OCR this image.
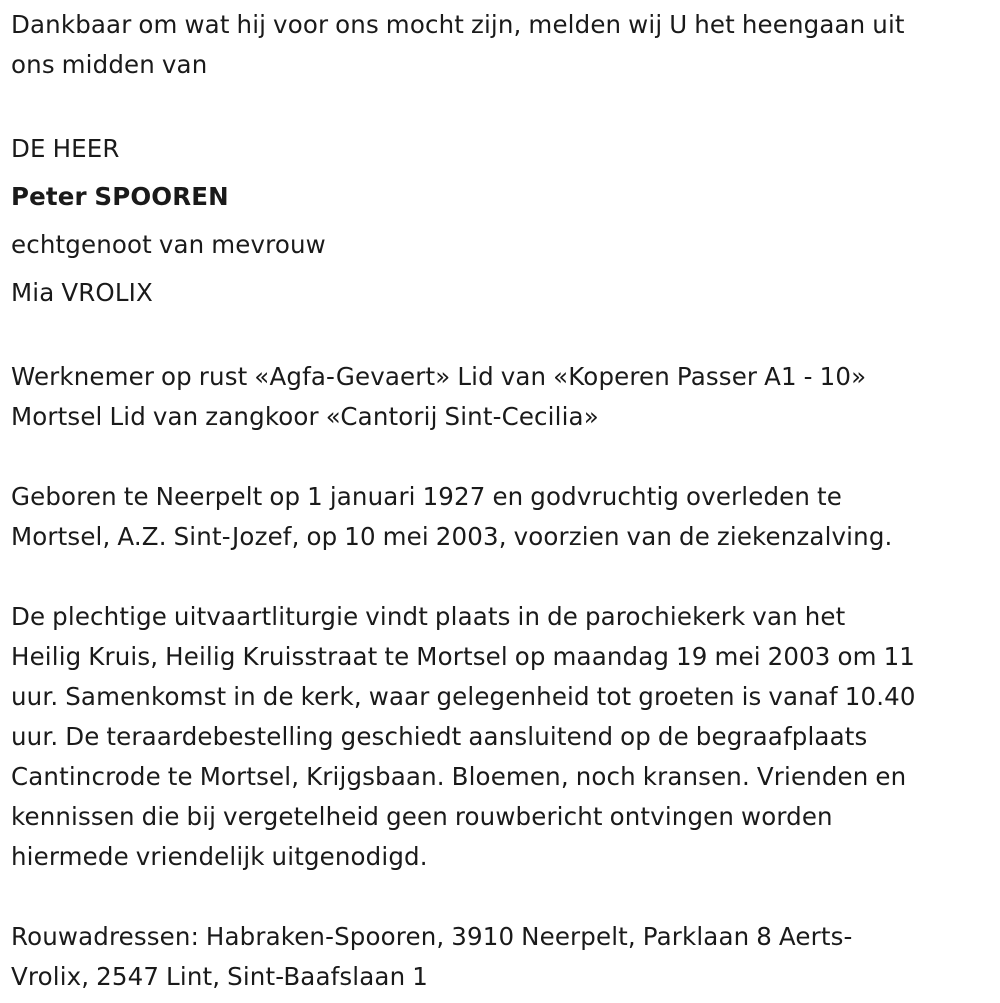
Dankbaar om wat hij voor ons mocht zijn, melden wij U het heengaan uit
ons midden van
DE HEER
Peter SPOOREN
echtgenoot van mevrouw
Mia VROLIX
Werknemer op rust «Agfa-Gevaert» Lid van «Koperen Passer A1 - 10»
Mortsel Lid van zangkoor «Cantorij Sint-Cecilia»
Geboren te Neerpelt op 1 januari 1927 en godvruchtig overleden te
Mortsel, A.Z. Sint-Jozef, op 10 mei 2003, voorzien van de ziekenzalving.
De plechtige uitvaartliturgie vindt plaats in de parochiekerk van het
Heilig Kruis, Heilig Kruisstraat te Mortsel op maandag 19 mei 2003 om 11
uur. Samenkomst in de kerk, waar gelegenheid tot groeten is vanaf 10.40
uur. De teraardebestelling geschiedt aansluitend op de begraafplaats
Cantincrode te Mortsel, Krijgsbaan. Bloemen, noch kransen. Vrienden en
kennissen die bij vergetelheid geen rouwbericht ontvingen worden
hiermede vriendelijk uitgenodigd.
Rouwadressen: Habraken-Spooren, 3910 Neerpelt, Parklaan 8 Aerts-
Vrolix, 2547 Lint, Sint-Baafslaan 1
